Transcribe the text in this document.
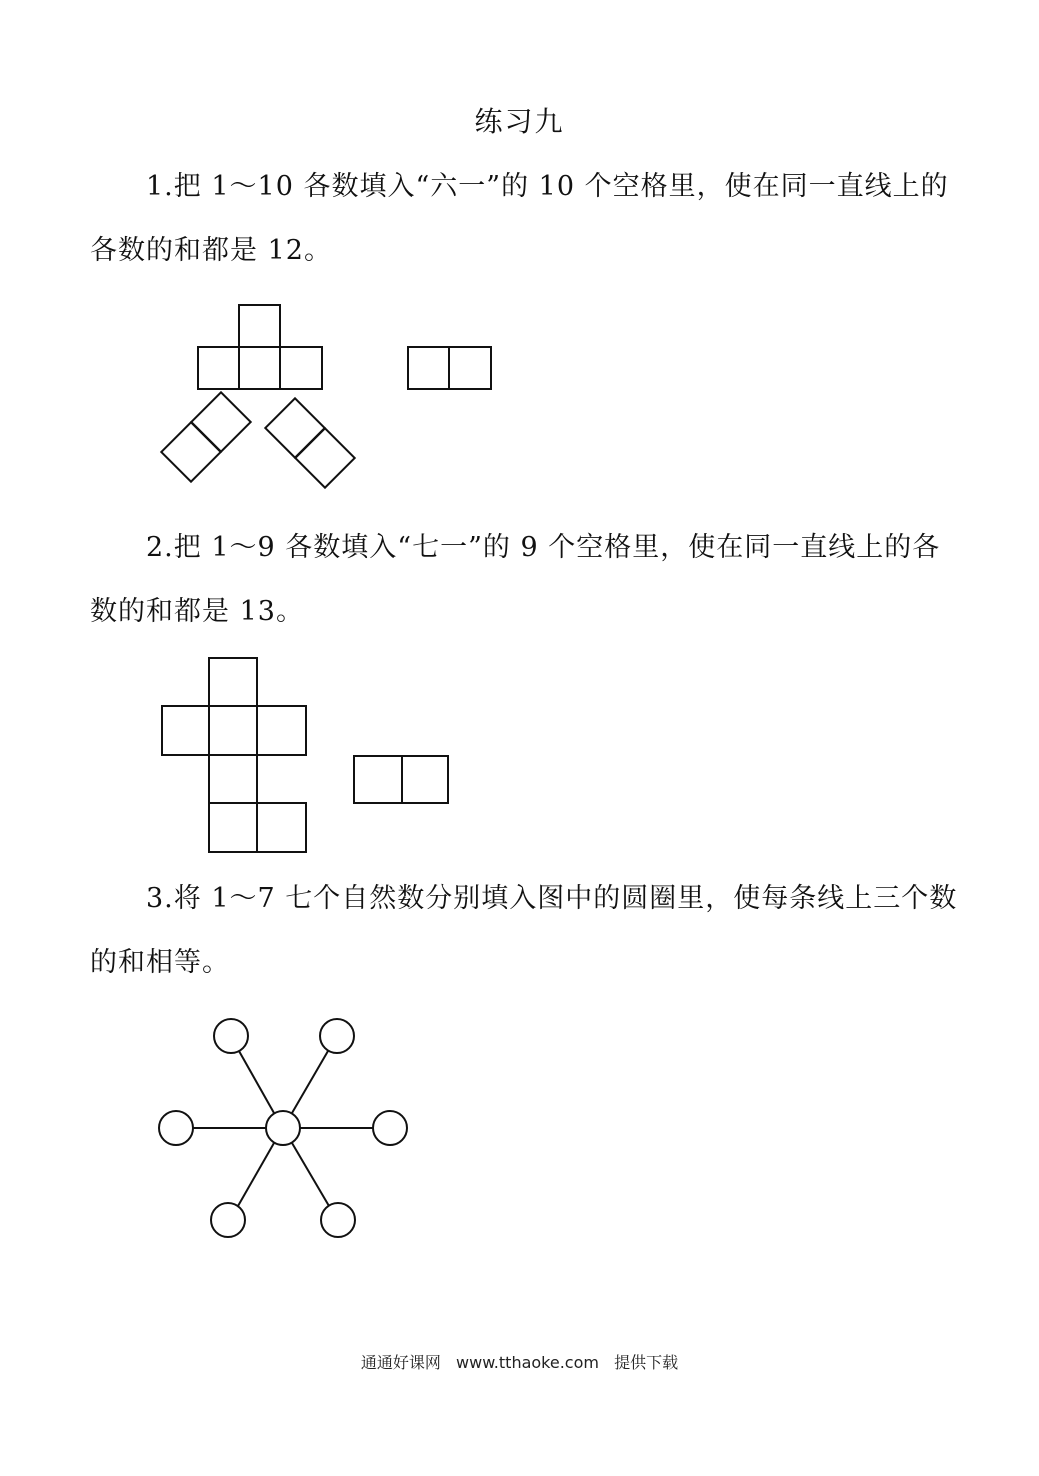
练习九
1.把 1～10 各数填入“六一”的 10 个空格里，使在同一直线上的各数的和都是 12。
2.把 1～9 各数填入“七一”的 9 个空格里，使在同一直线上的各数的和都是 13。
3.将 1～7 七个自然数分别填入图中的圆圈里，使每条线上三个数的和相等。
通通好课网 www.tthaoke.com 提供下载
